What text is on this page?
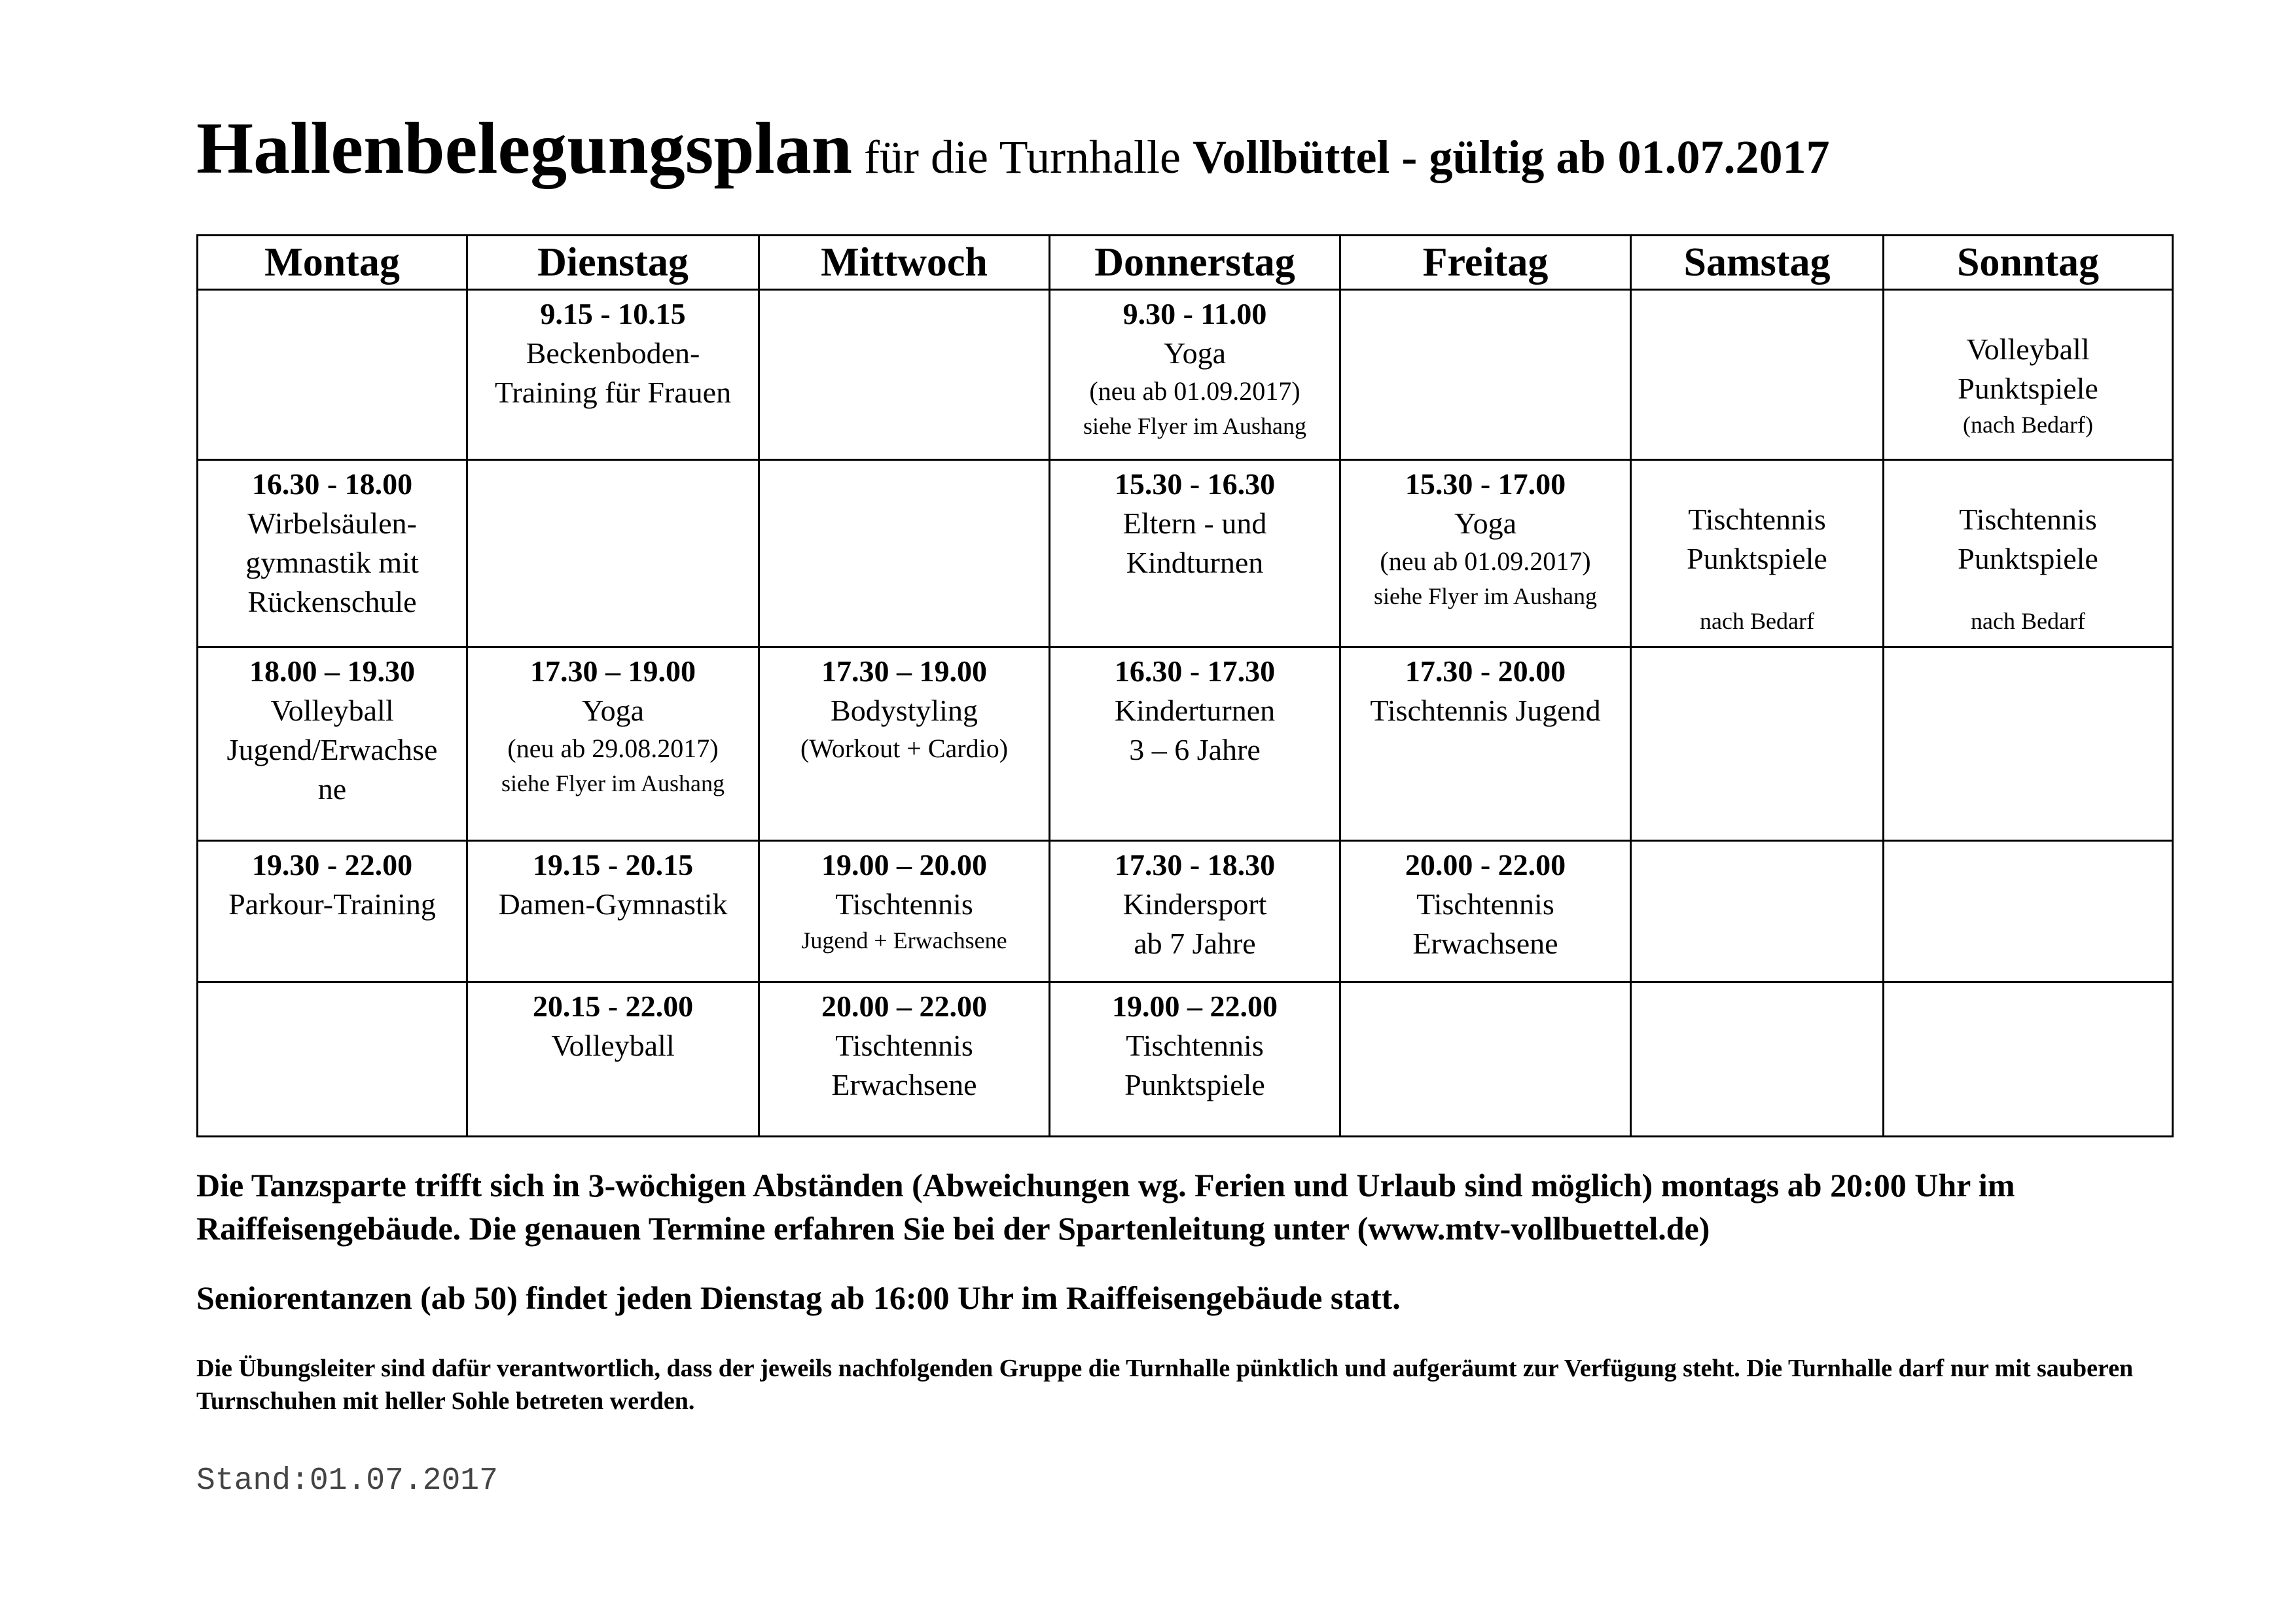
Hallenbelegungsplan für die Turnhalle Vollbüttel - gültig ab 01.07.2017
Montag	Dienstag	Mittwoch	Donnerstag	Freitag	Samstag	Sonntag

	9.15 - 10.15
Beckenboden-
Training für Frauen		9.30 - 11.00
Yoga
(neu ab 01.09.2017)
siehe Flyer im Aushang			Volleyball
Punktspiele
(nach Bedarf)

16.30 - 18.00
Wirbelsäulen-
gymnastik mit
Rückenschule			15.30 - 16.30
Eltern - und
Kindturnen	15.30 - 17.00
Yoga
(neu ab 01.09.2017)
siehe Flyer im Aushang	Tischtennis
Punktspiele
nach Bedarf	Tischtennis
Punktspiele
nach Bedarf

18.00 – 19.30
Volleyball
Jugend/Erwachse
ne	17.30 – 19.00
Yoga
(neu ab 29.08.2017)
siehe Flyer im Aushang	17.30 – 19.00
Bodystyling
(Workout + Cardio)	16.30 - 17.30
Kinderturnen
3 – 6 Jahre	17.30 - 20.00
Tischtennis Jugend		

19.30 - 22.00
Parkour-Training	19.15 - 20.15
Damen-Gymnastik	19.00 – 20.00
Tischtennis
Jugend + Erwachsene	17.30 - 18.30
Kindersport
ab 7 Jahre	20.00 - 22.00
Tischtennis
Erwachsene		

	20.15 - 22.00
Volleyball	20.00 – 22.00
Tischtennis
Erwachsene	19.00 – 22.00
Tischtennis
Punktspiele			

Die Tanzsparte trifft sich in 3-wöchigen Abständen (Abweichungen wg. Ferien und Urlaub sind möglich) montags ab 20:00 Uhr im Raiffeisengebäude. Die genauen Termine erfahren Sie bei der Spartenleitung unter (www.mtv-vollbuettel.de)
Seniorentanzen (ab 50) findet jeden Dienstag ab 16:00 Uhr im Raiffeisengebäude statt.
Die Übungsleiter sind dafür verantwortlich, dass der jeweils nachfolgenden Gruppe die Turnhalle pünktlich und aufgeräumt zur Verfügung steht. Die Turnhalle darf nur mit sauberen Turnschuhen mit heller Sohle betreten werden.
Stand:01.07.2017
